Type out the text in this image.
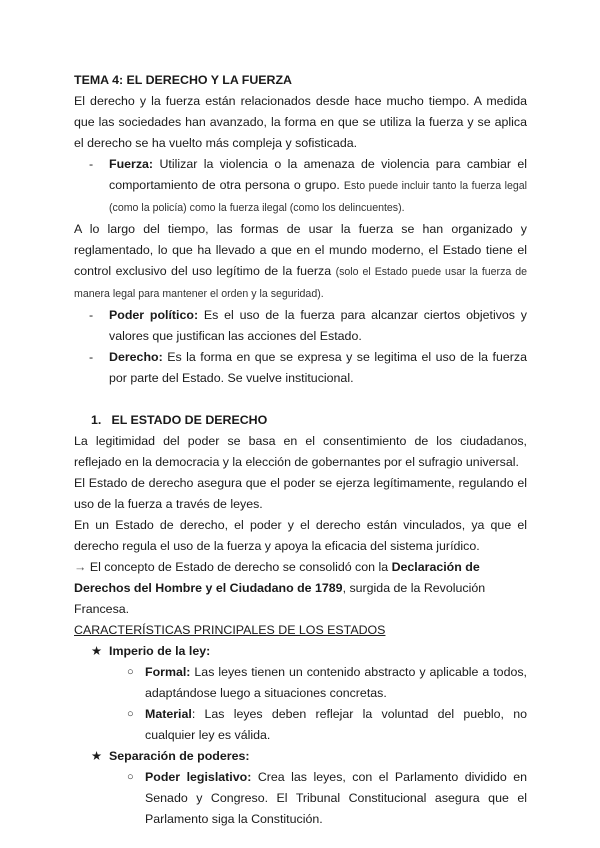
TEMA 4: EL DERECHO Y LA FUERZA

El derecho y la fuerza están relacionados desde hace mucho tiempo. A medida que las sociedades han avanzado, la forma en que se utiliza la fuerza y se aplica el derecho se ha vuelto más compleja y sofisticada.

- Fuerza: Utilizar la violencia o la amenaza de violencia para cambiar el comportamiento de otra persona o grupo. Esto puede incluir tanto la fuerza legal (como la policía) como la fuerza ilegal (como los delincuentes).

A lo largo del tiempo, las formas de usar la fuerza se han organizado y reglamentado, lo que ha llevado a que en el mundo moderno, el Estado tiene el control exclusivo del uso legítimo de la fuerza (solo el Estado puede usar la fuerza de manera legal para mantener el orden y la seguridad).

- Poder político: Es el uso de la fuerza para alcanzar ciertos objetivos y valores que justifican las acciones del Estado.

- Derecho: Es la forma en que se expresa y se legitima el uso de la fuerza por parte del Estado. Se vuelve institucional.

1. EL ESTADO DE DERECHO

La legitimidad del poder se basa en el consentimiento de los ciudadanos, reflejado en la democracia y la elección de gobernantes por el sufragio universal.

El Estado de derecho asegura que el poder se ejerza legítimamente, regulando el uso de la fuerza a través de leyes.

En un Estado de derecho, el poder y el derecho están vinculados, ya que el derecho regula el uso de la fuerza y apoya la eficacia del sistema jurídico.

→ El concepto de Estado de derecho se consolidó con la Declaración de Derechos del Hombre y el Ciudadano de 1789, surgida de la Revolución Francesa.

CARACTERÍSTICAS PRINCIPALES DE LOS ESTADOS

★ Imperio de la ley:

○ Formal: Las leyes tienen un contenido abstracto y aplicable a todos, adaptándose luego a situaciones concretas.

○ Material: Las leyes deben reflejar la voluntad del pueblo, no cualquier ley es válida.

★ Separación de poderes:

○ Poder legislativo: Crea las leyes, con el Parlamento dividido en Senado y Congreso. El Tribunal Constitucional asegura que el Parlamento siga la Constitución.
